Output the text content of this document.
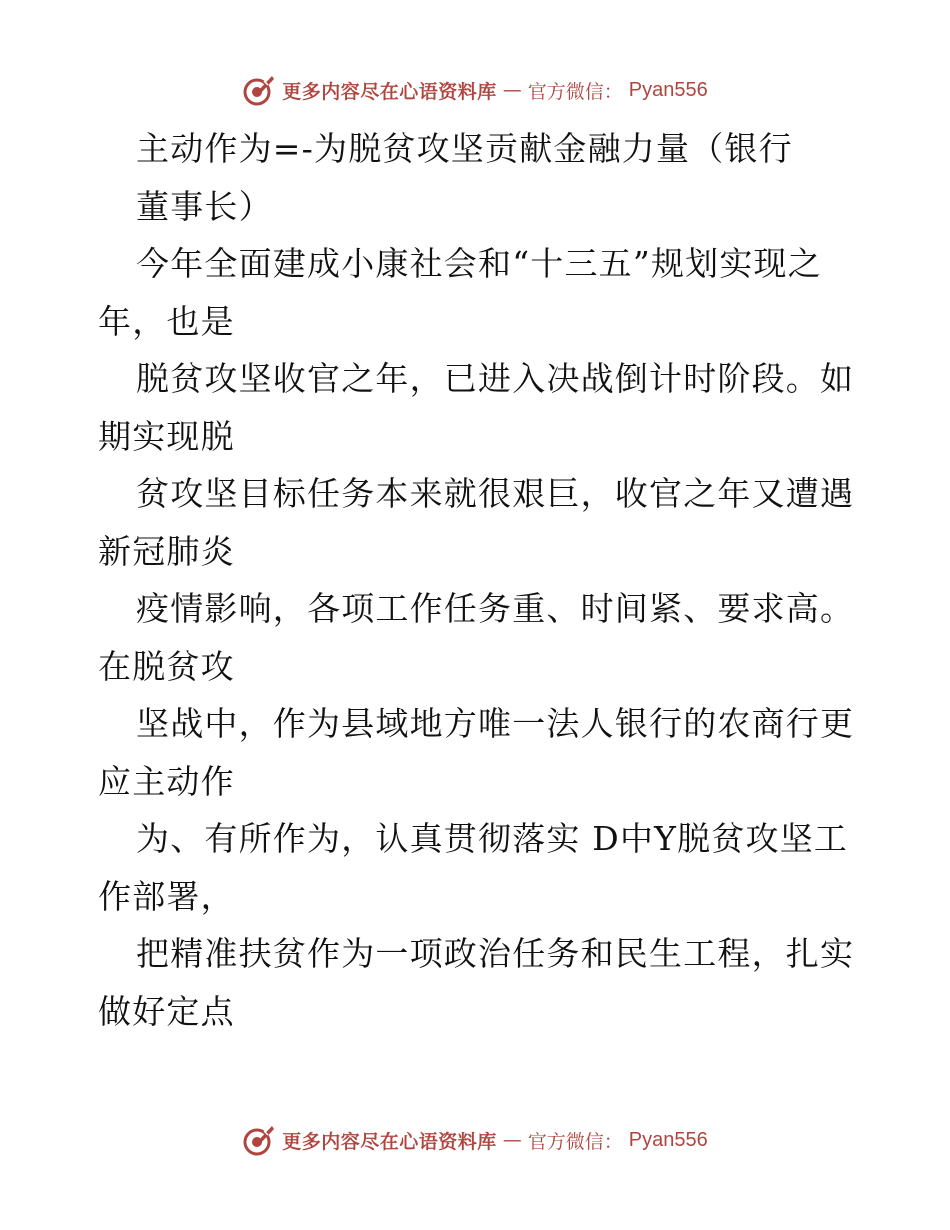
更多内容尽在心语资料库 — 官方微信： Pyan556
主动作为=-为脱贫攻坚贡献金融力量（银行
董事长）
今年全面建成小康社会和“十三五”规划实现之
年，也是
脱贫攻坚收官之年，已进入决战倒计时阶段。如
期实现脱
贫攻坚目标任务本来就很艰巨，收官之年又遭遇
新冠肺炎
疫情影响，各项工作任务重、时间紧、要求高。
在脱贫攻
坚战中，作为县域地方唯一法人银行的农商行更
应主动作
为、有所作为，认真贯彻落实 D中Y脱贫攻坚工
作部署，
把精准扶贫作为一项政治任务和民生工程，扎实
做好定点
更多内容尽在心语资料库 — 官方微信： Pyan556
